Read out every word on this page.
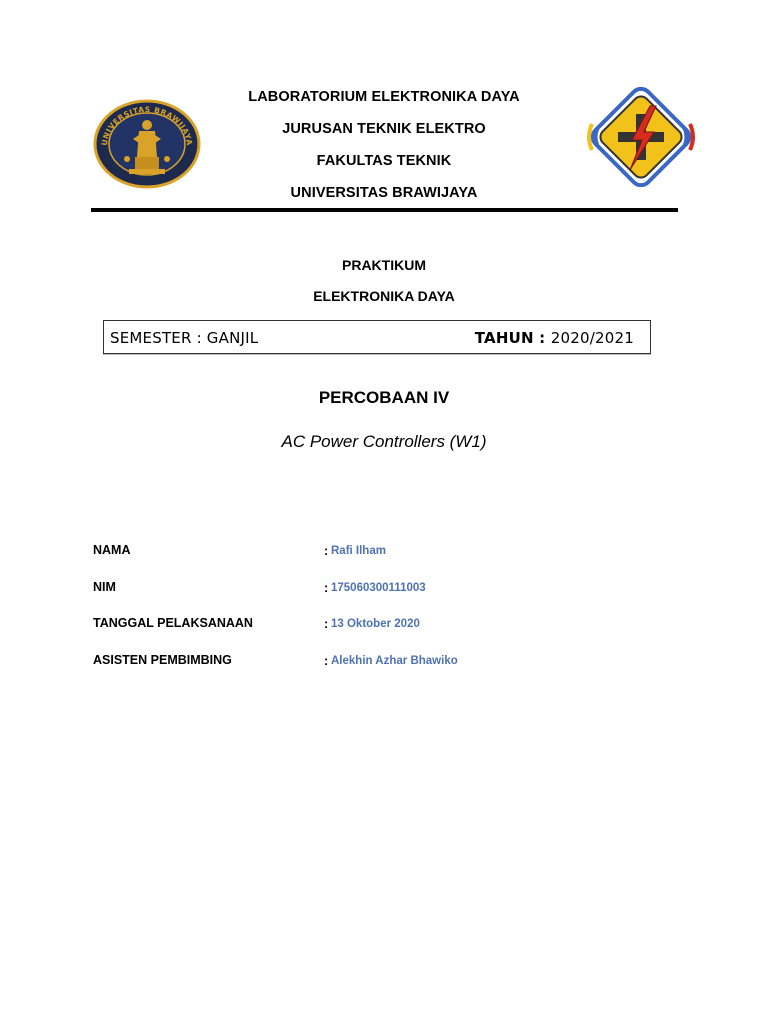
UNIVERSITAS BRAWIJAYA
LABORATORIUM ELEKTRONIKA DAYA
JURUSAN TEKNIK ELEKTRO
FAKULTAS TEKNIK
UNIVERSITAS BRAWIJAYA
PRAKTIKUM
ELEKTRONIKA DAYA
SEMESTER : GANJIL	TAHUN : 2020/2021
PERCOBAAN IV
AC Power Controllers (W1)
NAMA	: Rafi Ilham
NIM	: 175060300111003
TANGGAL PELAKSANAAN	: 13 Oktober 2020
ASISTEN PEMBIMBING	: Alekhin Azhar Bhawiko
